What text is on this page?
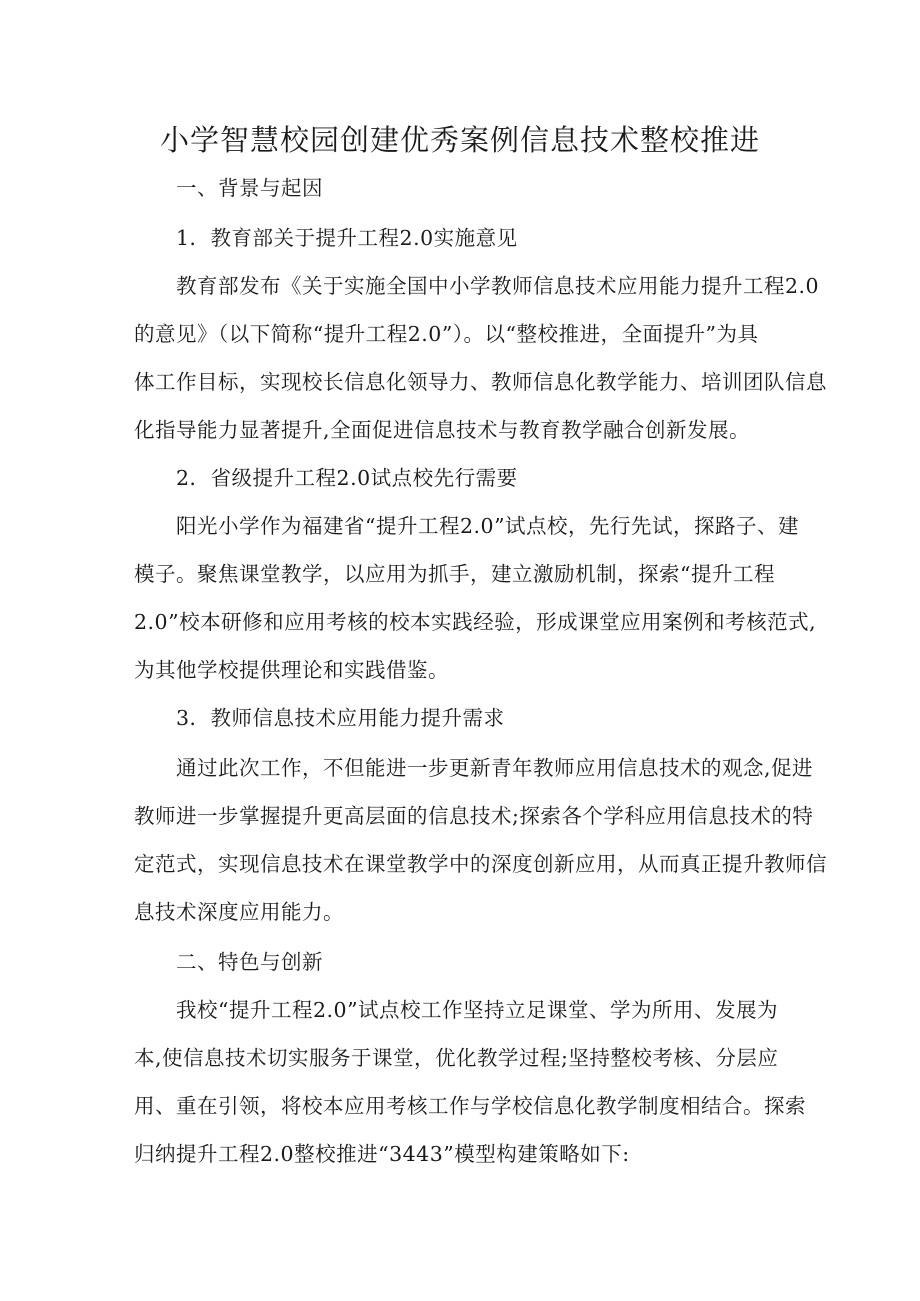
小学智慧校园创建优秀案例信息技术整校推进
一、背景与起因
1．教育部关于提升工程2.0实施意见
教育部发布《关于实施全国中小学教师信息技术应用能力提升工程2.0
的意见》（以下简称“提升工程2.0”）。以“整校推进，全面提升”为具
体工作目标，实现校长信息化领导力、教师信息化教学能力、培训团队信息
化指导能力显著提升,全面促进信息技术与教育教学融合创新发展。
2．省级提升工程2.0试点校先行需要
阳光小学作为福建省“提升工程2.0”试点校，先行先试，探路子、建
模子。聚焦课堂教学，以应用为抓手，建立激励机制，探索“提升工程
2.0”校本研修和应用考核的校本实践经验，形成课堂应用案例和考核范式,
为其他学校提供理论和实践借鉴。
3．教师信息技术应用能力提升需求
通过此次工作，不但能进一步更新青年教师应用信息技术的观念,促进
教师进一步掌握提升更高层面的信息技术;探索各个学科应用信息技术的特
定范式，实现信息技术在课堂教学中的深度创新应用，从而真正提升教师信
息技术深度应用能力。
二、特色与创新
我校“提升工程2.0”试点校工作坚持立足课堂、学为所用、发展为
本,使信息技术切实服务于课堂，优化教学过程;坚持整校考核、分层应
用、重在引领，将校本应用考核工作与学校信息化教学制度相结合。探索
归纳提升工程2.0整校推进“3443”模型构建策略如下:
